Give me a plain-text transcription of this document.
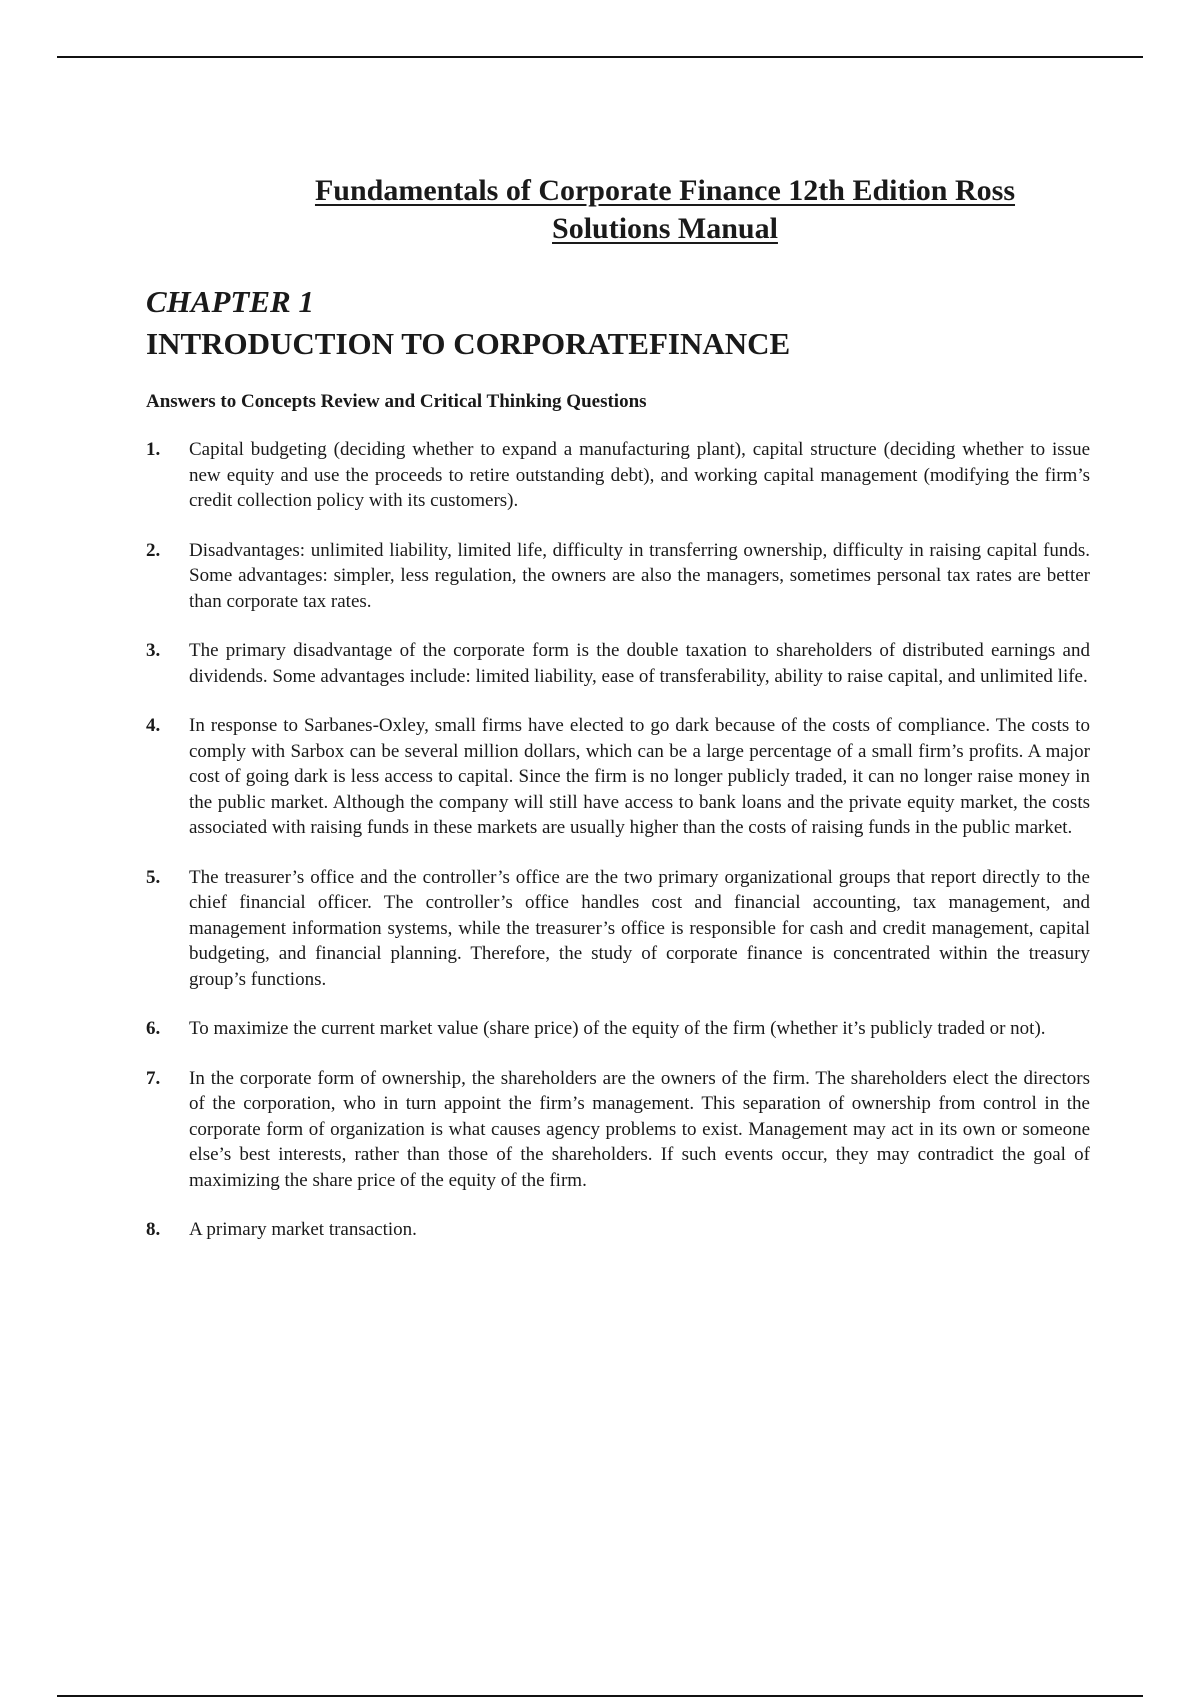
Fundamentals of Corporate Finance 12th Edition Ross Solutions Manual

CHAPTER 1

INTRODUCTION TO CORPORATEFINANCE
Answers to Concepts Review and Critical Thinking Questions
1.	Capital budgeting (deciding whether to expand a manufacturing plant), capital structure (deciding whether to issue new equity and use the proceeds to retire outstanding debt), and working capital management (modifying the firm’s credit collection policy with its customers).
2.	Disadvantages: unlimited liability, limited life, difficulty in transferring ownership, difficulty in raising capital funds. Some advantages: simpler, less regulation, the owners are also the managers, sometimes personal tax rates are better than corporate tax rates.
3.	The primary disadvantage of the corporate form is the double taxation to shareholders of distributed earnings and dividends. Some advantages include: limited liability, ease of transferability, ability to raise capital, and unlimited life.
4.	In response to Sarbanes-Oxley, small firms have elected to go dark because of the costs of compliance. The costs to comply with Sarbox can be several million dollars, which can be a large percentage of a small firm’s profits. A major cost of going dark is less access to capital. Since the firm is no longer publicly traded, it can no longer raise money in the public market. Although the company will still have access to bank loans and the private equity market, the costs associated with raising funds in these markets are usually higher than the costs of raising funds in the public market.
5.	The treasurer’s office and the controller’s office are the two primary organizational groups that report directly to the chief financial officer. The controller’s office handles cost and financial accounting, tax management, and management information systems, while the treasurer’s office is responsible for cash and credit management, capital budgeting, and financial planning. Therefore, the study of corporate finance is concentrated within the treasury group’s functions.
6.	To maximize the current market value (share price) of the equity of the firm (whether it’s publicly traded or not).
7.	In the corporate form of ownership, the shareholders are the owners of the firm. The shareholders elect the directors of the corporation, who in turn appoint the firm’s management. This separation of ownership from control in the corporate form of organization is what causes agency problems to exist. Management may act in its own or someone else’s best interests, rather than those of the shareholders. If such events occur, they may contradict the goal of maximizing the share price of the equity of the firm.
8.	A primary market transaction.
